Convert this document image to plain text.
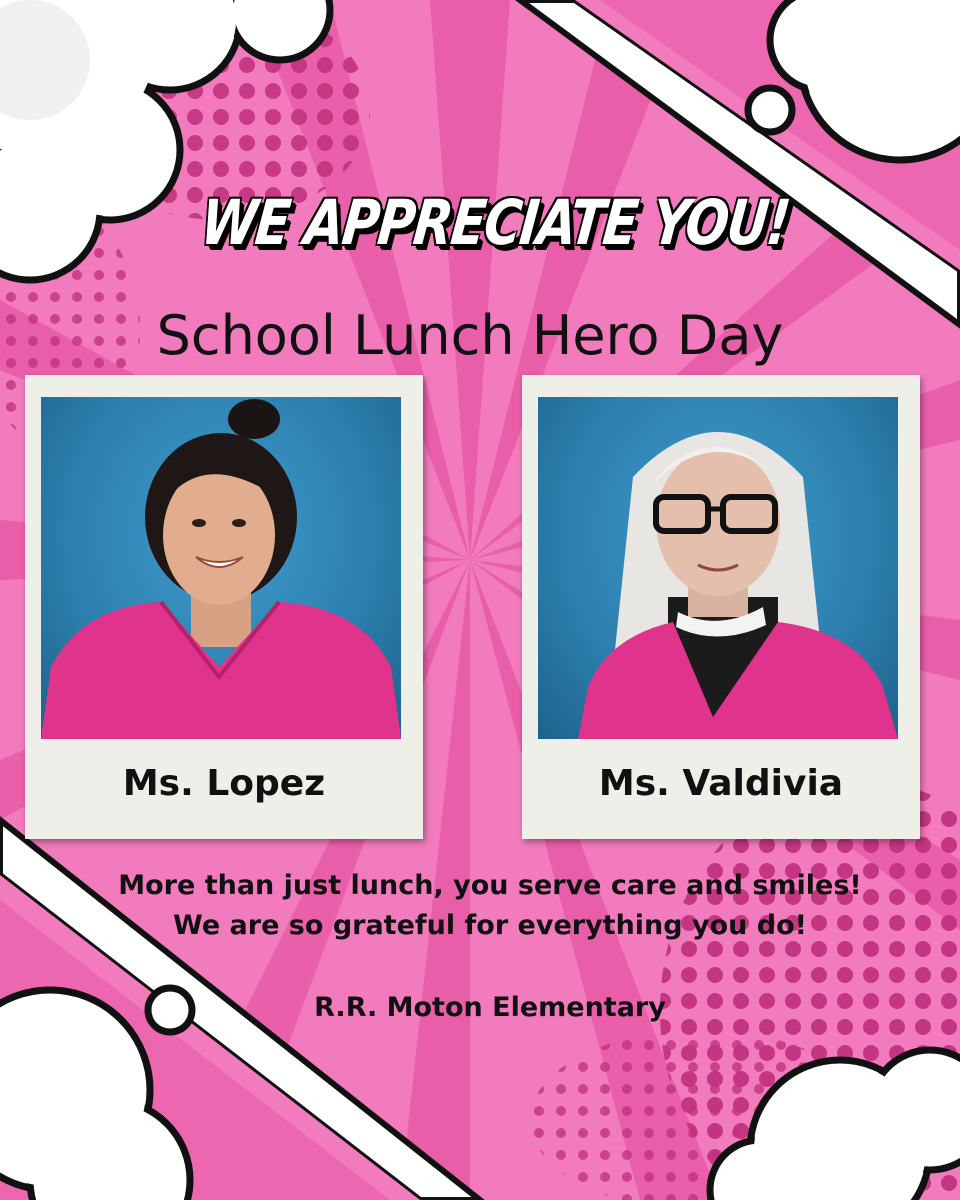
WE APPRECIATE YOU!
School Lunch Hero Day
Ms. Lopez	Ms. Valdivia
More than just lunch, you serve care and smiles!
We are so grateful for everything you do!
R.R. Moton Elementary
